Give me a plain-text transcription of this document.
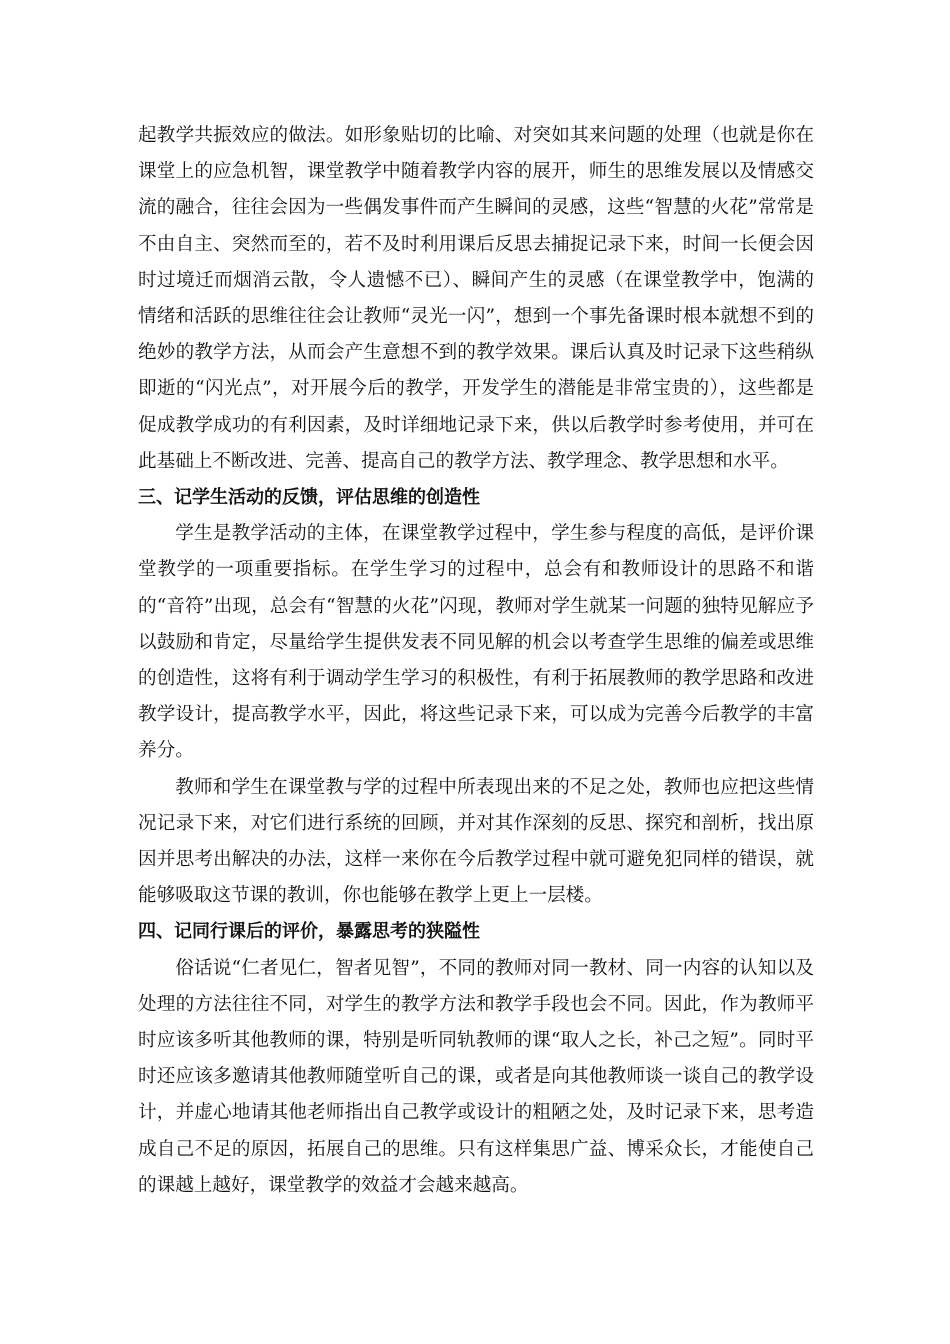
起教学共振效应的做法。如形象贴切的比喻、对突如其来问题的处理（也就是你在课堂上的应急机智，课堂教学中随着教学内容的展开，师生的思维发展以及情感交流的融合，往往会因为一些偶发事件而产生瞬间的灵感，这些“智慧的火花”常常是不由自主、突然而至的，若不及时利用课后反思去捕捉记录下来，时间一长便会因时过境迁而烟消云散，令人遗憾不已）、瞬间产生的灵感（在课堂教学中，饱满的情绪和活跃的思维往往会让教师“灵光一闪”，想到一个事先备课时根本就想不到的绝妙的教学方法，从而会产生意想不到的教学效果。课后认真及时记录下这些稍纵即逝的“闪光点”，对开展今后的教学，开发学生的潜能是非常宝贵的），这些都是促成教学成功的有利因素，及时详细地记录下来，供以后教学时参考使用，并可在此基础上不断改进、完善、提高自己的教学方法、教学理念、教学思想和水平。

三、记学生活动的反馈，评估思维的创造性

学生是教学活动的主体，在课堂教学过程中，学生参与程度的高低，是评价课堂教学的一项重要指标。在学生学习的过程中，总会有和教师设计的思路不和谐的“音符”出现，总会有“智慧的火花”闪现，教师对学生就某一问题的独特见解应予以鼓励和肯定，尽量给学生提供发表不同见解的机会以考查学生思维的偏差或思维的创造性，这将有利于调动学生学习的积极性，有利于拓展教师的教学思路和改进教学设计，提高教学水平，因此，将这些记录下来，可以成为完善今后教学的丰富养分。

教师和学生在课堂教与学的过程中所表现出来的不足之处，教师也应把这些情况记录下来，对它们进行系统的回顾，并对其作深刻的反思、探究和剖析，找出原因并思考出解决的办法，这样一来你在今后教学过程中就可避免犯同样的错误，就能够吸取这节课的教训，你也能够在教学上更上一层楼。

四、记同行课后的评价，暴露思考的狭隘性

俗话说“仁者见仁，智者见智”，不同的教师对同一教材、同一内容的认知以及处理的方法往往不同，对学生的教学方法和教学手段也会不同。因此，作为教师平时应该多听其他教师的课，特别是听同轨教师的课“取人之长，补己之短”。同时平时还应该多邀请其他教师随堂听自己的课，或者是向其他教师谈一谈自己的教学设计，并虚心地请其他老师指出自己教学或设计的粗陋之处，及时记录下来，思考造成自己不足的原因，拓展自己的思维。只有这样集思广益、博采众长，才能使自己的课越上越好，课堂教学的效益才会越来越高。
